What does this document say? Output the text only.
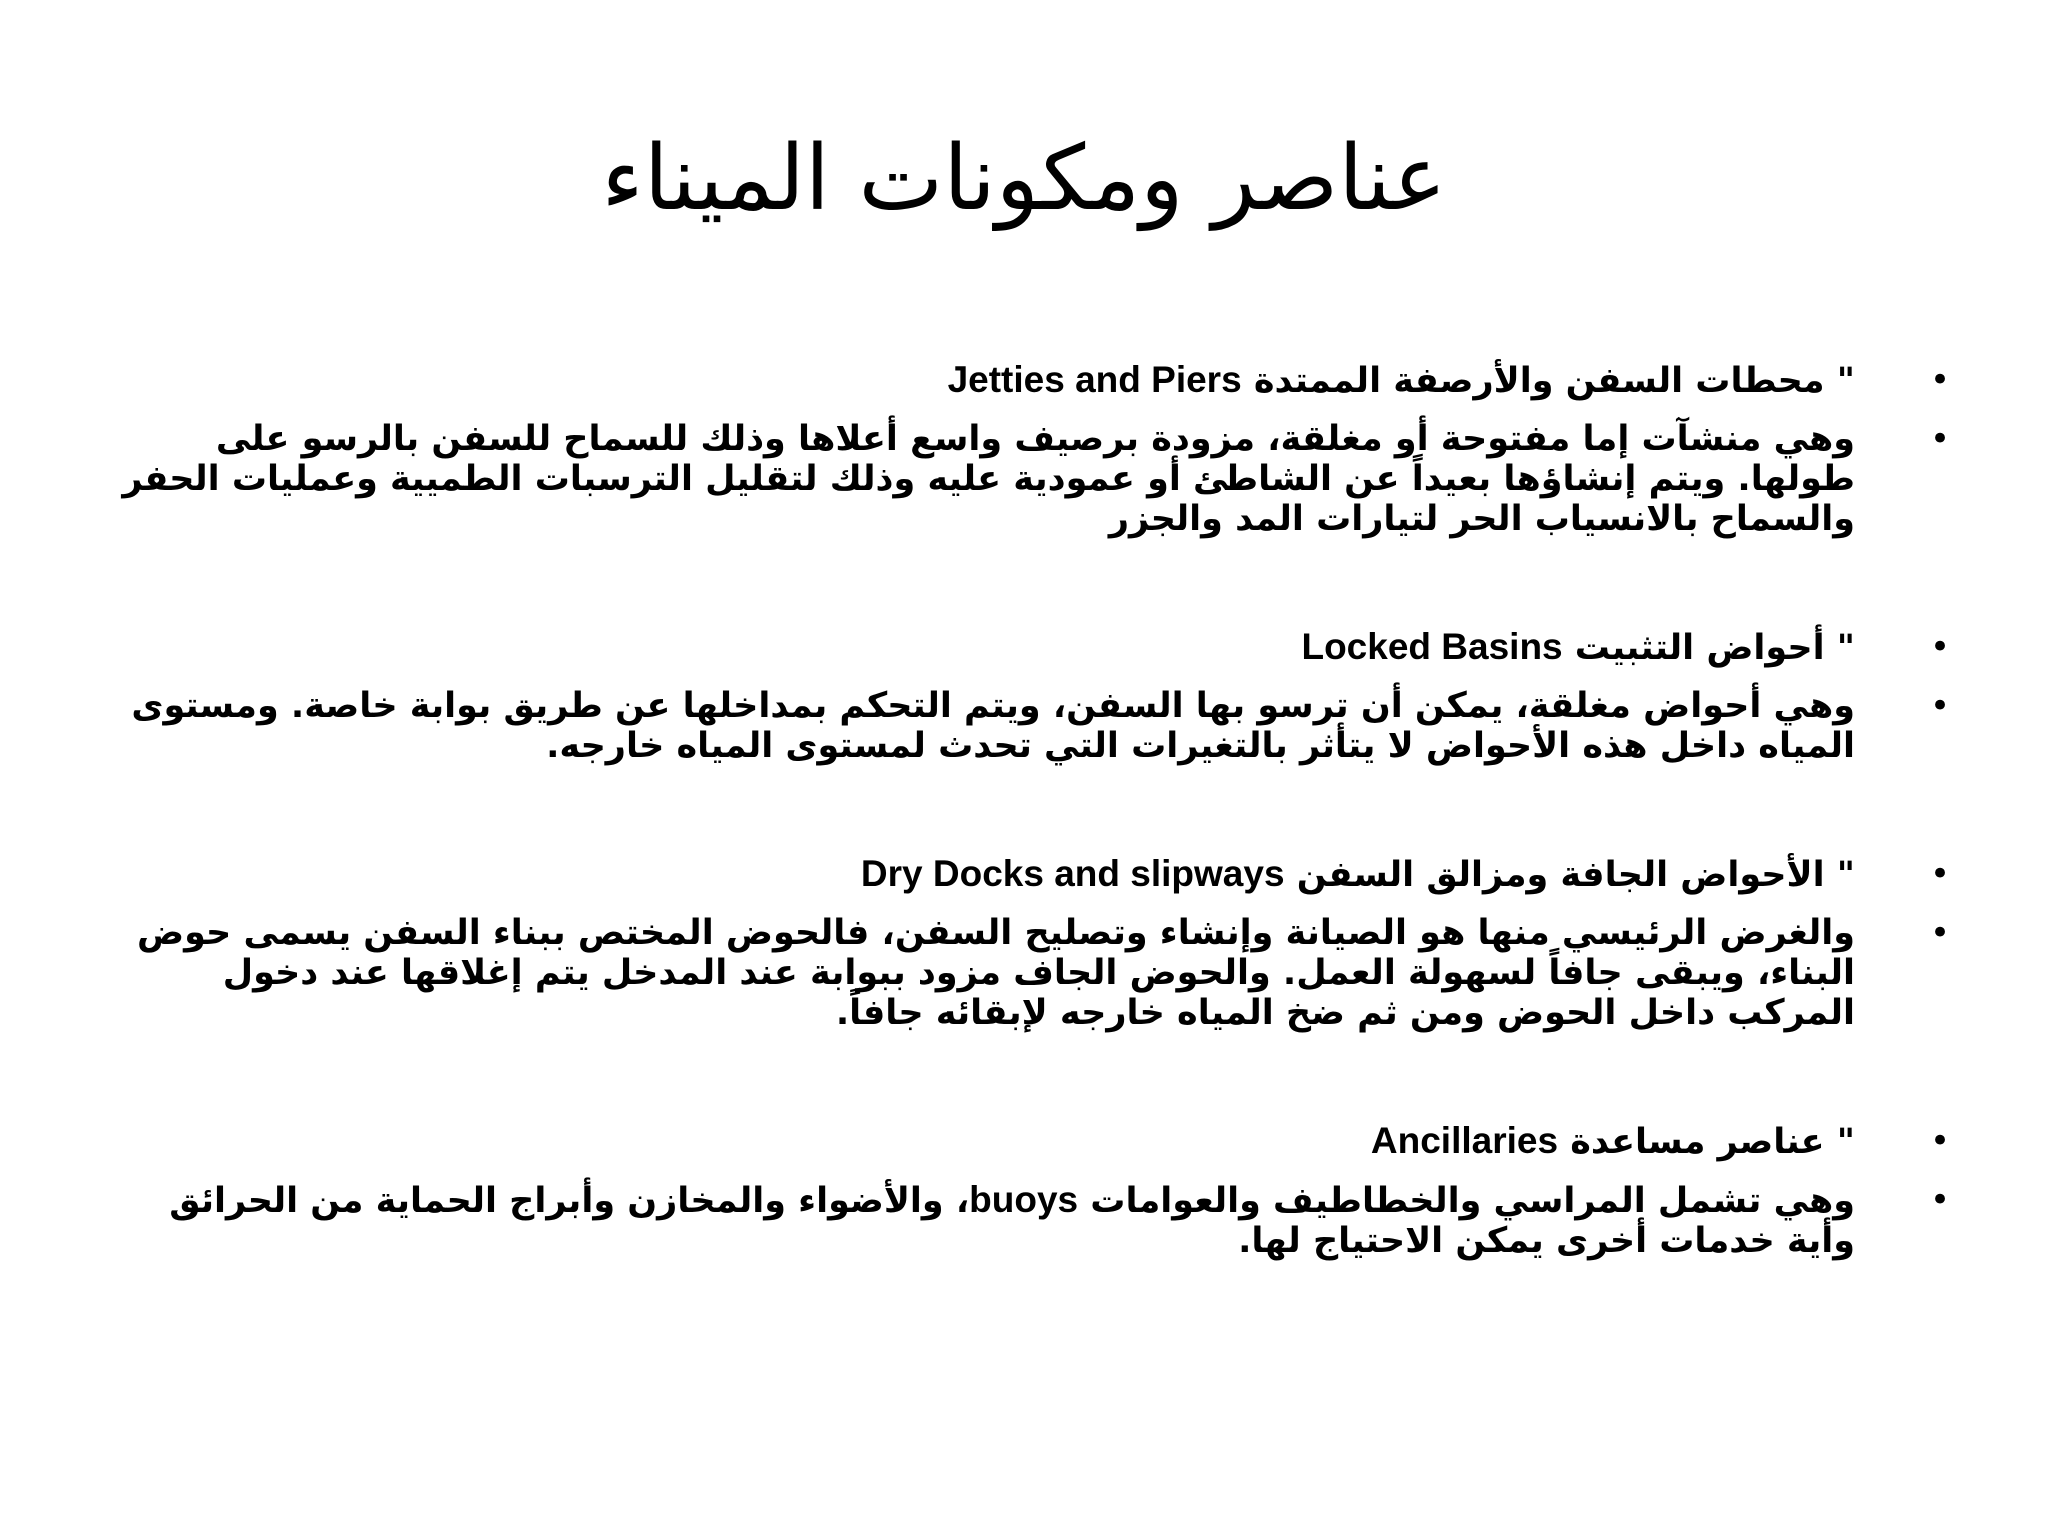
عناصر ومكونات الميناء

•
" محطات السفن والأرصفة الممتدة Jetties and Piers

•
وهي منشآت إما مفتوحة أو مغلقة، مزودة برصيف واسع أعلاها وذلك للسماح للسفن بالرسو على طولها. ويتم إنشاؤها بعيداً عن الشاطئ أو عمودية عليه وذلك لتقليل الترسبات الطميية وعمليات الحفر والسماح بالانسياب الحر لتيارات المد والجزر

•
" أحواض التثبيت Locked Basins

•
وهي أحواض مغلقة، يمكن أن ترسو بها السفن، ويتم التحكم بمداخلها عن طريق بوابة خاصة. ومستوى المياه داخل هذه الأحواض لا يتأثر بالتغيرات التي تحدث لمستوى المياه خارجه.

•
" الأحواض الجافة ومزالق السفن Dry Docks and slipways

•
والغرض الرئيسي منها هو الصيانة وإنشاء وتصليح السفن، فالحوض المختص ببناء السفن يسمى حوض البناء، ويبقى جافاً لسهولة العمل. والحوض الجاف مزود ببوابة عند المدخل يتم إغلاقها عند دخول المركب داخل الحوض ومن ثم ضخ المياه خارجه لإبقائه جافاً.

•
" عناصر مساعدة Ancillaries

•
وهي تشمل المراسي والخطاطيف والعوامات buoys، والأضواء والمخازن وأبراج الحماية من الحرائق وأية خدمات أخرى يمكن الاحتياج لها.
